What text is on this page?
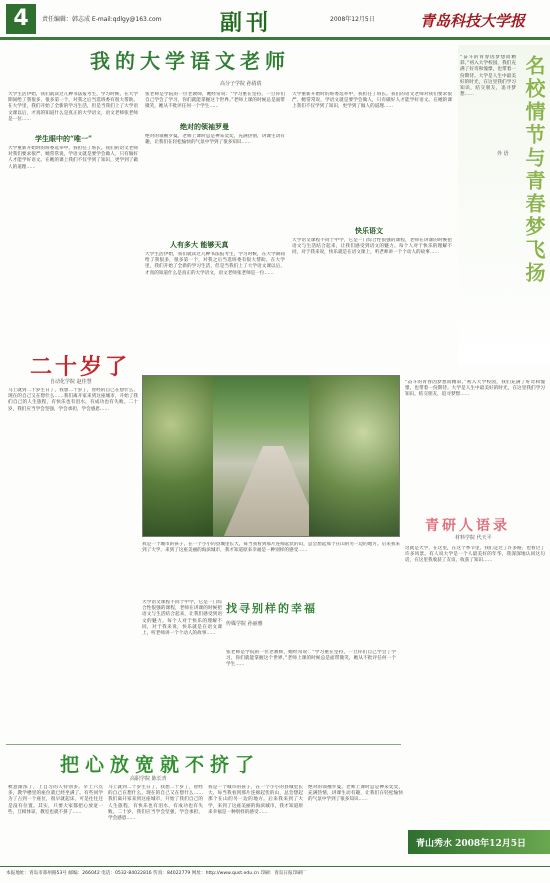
4	责任编辑：韩志成 E-mail:qdlgy@163.com	副刊	2008年12月5日	青岛科技大学报
我的大学语文老师
高分子学院 孙倩倩
大学生活伊始，我们就读过几种书法报考生，学习时候，在大学期间给了我很多，很多第一个，对我之后当选班委有很大帮助。在大学里，我们开始了全新的学习生活，但是当我们上了大学语文课以后，才真的知道什么是真正的大学语文，语文老师张老师是一位……
学生眼中的“唯一”
大学重新开始时的班委选举中，我担任了班长。我们的语文老师对我们要求很严，她常常说，学语文就是要学会做人，只有做好人才能学好语文。在她的课上我们不仅学到了知识，更学到了做人的道理……
张老师是学院的一位老教师，她经常说：“学习重在坚持，一旦你们自己学会了学习，你们就能掌握这个世界。”老师上课的时候总是面带微笑，她从不批评任何一个学生……
绝对的领袖罗曼
绝对的领袖罗曼。老师上课时总是神采奕奕，充满热情，讲课生动有趣，让我们在轻松愉快的气氛中学到了很多知识……
人有多大 能够天真
大学生活伊始，我们就读过几种书法报考生，学习时候，在大学期间给了我很多，很多第一个，对我之后当选班委有很大帮助。在大学里，我们开始了全新的学习生活，但是当我们上了大学语文课以后，才真的知道什么是真正的大学语文，语文老师张老师是一位……
大学重新开始时的班委选举中，我担任了班长。我们的语文老师对我们要求很严，她常常说，学语文就是要学会做人，只有做好人才能学好语文。在她的课上我们不仅学到了知识，更学到了做人的道理……
快乐语文
大学语文课程不同于中学，它是一门综合性很强的课程，老师在讲课的时候把语文与生活结合起来，让我们感受到语文的魅力。每个人对于快乐的理解不同，对于我来说，快乐就是在语文课上，听老师讲一个个动人的故事……	名校情节与青春梦飞扬
“奋斗的青春因梦想而精彩。”初入大学校园，我们充满了好奇和憧憬，也带着一份期待。大学是人生中最美好的时光，在这里我们学习知识，结交朋友，追寻梦想……
外 语
二十岁了
自动化学院 赵佳慧
马上就到二十岁生日了，我想二十岁了，曾经的自己在想什么，现在的自己又在想什么……我们离开家来到这座城市，开始了我们自己的人生旅程，有快乐也有泪水，有成功也有失败。二十岁，我们应当学会坚强，学会承担，学会感恩……
我是一个城市的孩子，在一个小小的县城里长大，每当我看到那片连绵起伏的山，总会想起那个在山的另一边的地方。后来我来到了大学，来到了这座美丽的海滨城市，我才知道原来幸福是一种别样的感受……
大学语文课程不同于中学，它是一门综合性很强的课程，老师在讲课的时候把语文与生活结合起来，让我们感受到语文的魅力。每个人对于快乐的理解不同，对于我来说，快乐就是在语文课上，听老师讲一个个动人的故事……
找寻别样的幸福
传媒学院 孙丽雅
张老师是学院的一位老教师，她经常说：“学习重在坚持，一旦你们自己学会了学习，你们就能掌握这个世界。”老师上课的时候总是面带微笑，她从不批评任何一个学生……
“奋斗的青春因梦想而精彩。”初入大学校园，我们充满了好奇和憧憬，也带着一份期待。大学是人生中最美好的时光，在这里我们学习知识，结交朋友，追寻梦想……
青研人语录
材料学院 代天平
这就是大学，在这里，在这个季节里，我们走过了许多路，也看过了许多风景。有人说大学是一个人最美好的年华，我深深地认同这句话，在这里我收获了友谊，收获了知识……
把心放宽就不挤了
高职学院 陈长青
秋意渐浓了，上自习的人特别多。早上六点多，教学楼里的座位就已经坐满了。有些同学为了占到一个座位，很早就起床，可是往往还是没有位置。其实，只要大家都把心放宽一些，互相体谅，教室也就不挤了……
马上就到二十岁生日了，我想二十岁了，曾经的自己在想什么，现在的自己又在想什么……我们离开家来到这座城市，开始了我们自己的人生旅程，有快乐也有泪水，有成功也有失败。二十岁，我们应当学会坚强，学会承担，学会感恩……
我是一个城市的孩子，在一个小小的县城里长大，每当我看到那片连绵起伏的山，总会想起那个在山的另一边的地方。后来我来到了大学，来到了这座美丽的海滨城市，我才知道原来幸福是一种别样的感受……
绝对的领袖罗曼。老师上课时总是神采奕奕，充满热情，讲课生动有趣，让我们在轻松愉快的气氛中学到了很多知识……
青山秀水 2008年12月5日
本报地址：青岛市郑州路53号 邮编：266042 电话：0532-84022816 传真：84022779 网址：http://www.qust.edu.cn 印刷：青岛日报印刷厂
